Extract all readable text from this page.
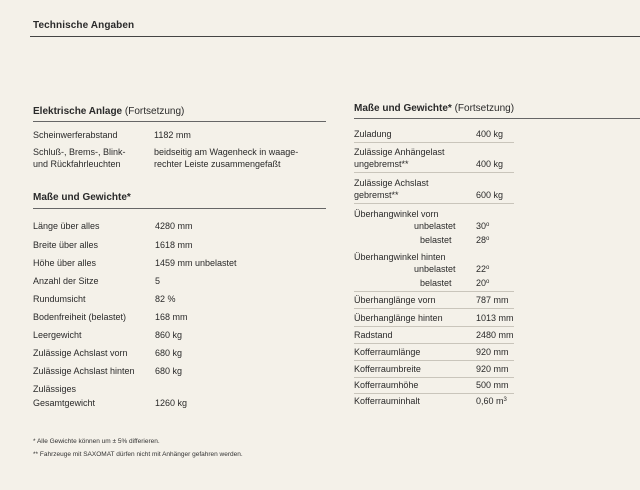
Technische Angaben
Elektrische Anlage (Fortsetzung)
Scheinwerferabstand	1182 mm
Schluß-, Brems-, Blink-	beidseitig am Wagenheck in waage-
und Rückfahrleuchten	rechter Leiste zusammengefaßt
Maße und Gewichte*
Maße und Gewichte* (Fortsetzung)
* Alle Gewichte können um ± 5% differieren.
** Fahrzeuge mit SAXOMAT dürfen nicht mit Anhänger gefahren werden.
Länge über alles	4280 mm
Breite über alles	1618 mm
Höhe über alles	1459 mm unbelastet
Anzahl der Sitze	5
Rundumsicht	82 %
Bodenfreiheit (belastet)	168 mm
Leergewicht	860 kg
Zulässige Achslast vorn	680 kg
Zulässige Achslast hinten 680 kg
Zulässiges
Gesamtgewicht	1260 kg
Zuladung	400 kg
Zulässige Anhängelast
ungebremst**	400 kg
Zulässige Achslast
gebremst**	600 kg
Überhangwinkel vorn
unbelastet 30$^o$
belastet	28$^o$
Überhangwinkel hinten
unbelastet 22$^o$
belastet	20$^o$
Überhanglänge vorn	787 mm
Überhanglänge hinten	1013 mm
Radstand	2480 mm
Kofferraumlänge	920 mm
Kofferraumbreite	920 mm
Kofferraumhöhe	500 mm
Kofferrauminhalt	0,60 $m^3$
